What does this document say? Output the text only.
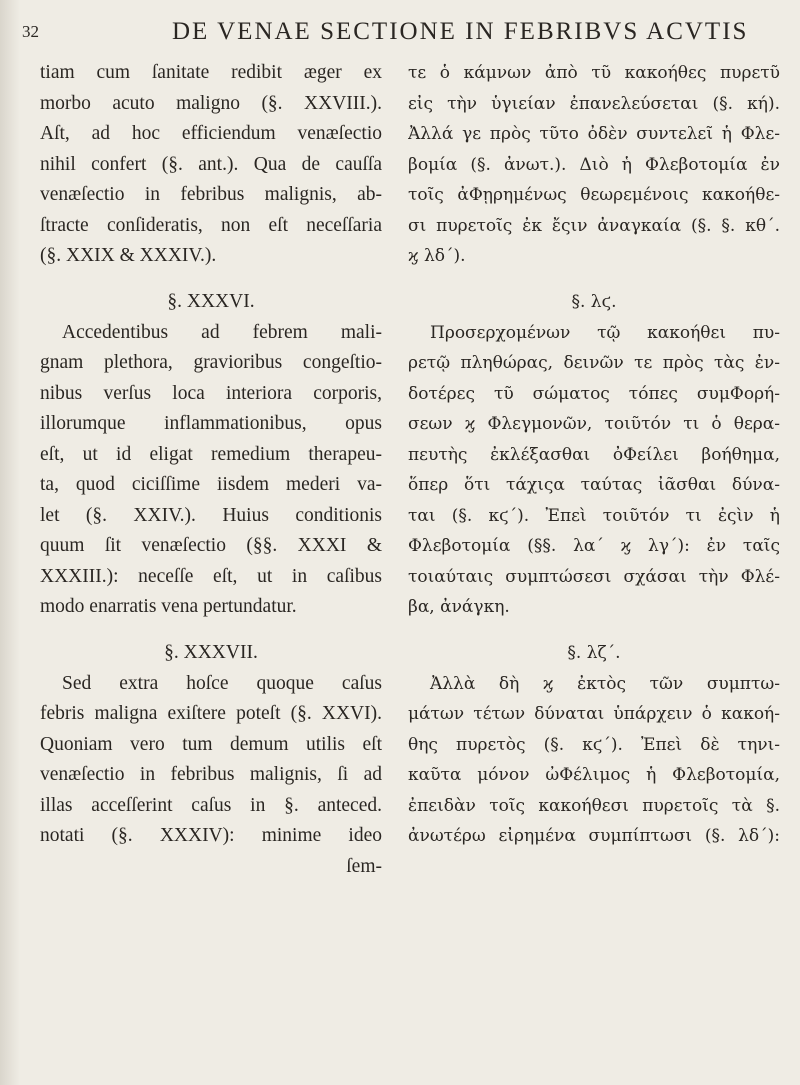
32	DE VENAE SECTIONE IN FEBRIBVS ACVTIS
tiam cum ſanitate redibit æger ex
morbo acuto maligno (§. XXVIII.).
Aſt, ad hoc efficiendum venæſectio
nihil confert (§. ant.). Qua de cauſſa
venæſectio in febribus malignis, ab-
ſtracte conſideratis, non eſt neceſſaria
(§. XXIX & XXXIV.).
§. XXXVI.
Accedentibus ad febrem mali-
gnam plethora, gravioribus congeſtio-
nibus verſus loca interiora corporis,
illorumque inflammationibus, opus
eſt, ut id eligat remedium therapeu-
ta, quod ciciſſime iisdem mederi va-
let (§. XXIV.). Huius conditionis
quum ſit venæſectio (§§. XXXI &
XXXIII.): neceſſe eſt, ut in caſibus
modo enarratis vena pertundatur.
§. XXXVII.
Sed extra hoſce quoque caſus
febris maligna exiſtere poteſt (§. XXVI).
Quoniam vero tum demum utilis eſt
venæſectio in febribus malignis, ſi ad
illas acceſſerint caſus in §. anteced.
notati (§. XXXIV): minime ideo
ſem-
τε ὁ κάμνων ἀπὸ τῦ κακοήθες πυρετῦ
εἰς τὴν ὑγιείαν ἐπανελεύσεται (§. κή).
Ἀλλά γε πρὸς τῦτο ὀδὲν συντελεῖ ἡ Φλε-
βομία (§. ἀνωτ.). Διὸ ἡ Φλεβοτομία ἐν
τοῖς ἀΦῃρημένως θεωρεμένοις κακοήθε-
σι πυρετοῖς ἐκ ἔςιν ἀναγκαία (§. §. κθ´.
ϗ λδ´).
§. λϛ.
Προσερχομένων τῷ κακοήθει πυ-
ρετῷ πληθώρας, δεινῶν τε πρὸς τὰς ἐν-
δοτέρες τῦ σώματος τόπες συμΦορή-
σεων ϗ Φλεγμονῶν, τοιῦτόν τι ὁ θερα-
πευτὴς ἐκλέξασθαι ὀΦείλει βοήθημα,
ὅπερ ὅτι τάχιςα ταύτας ἰᾶσθαι δύνα-
ται (§. κϛ´). Ἐπεὶ τοιῦτόν τι ἐςὶν ἡ
Φλεβοτομία (§§. λα´ ϗ λγ´): ἐν ταῖς
τοιαύταις συμπτώσεσι σχάσαι τὴν Φλέ-
βα, ἀνάγκη.
§. λζ´.
Ἀλλὰ δὴ ϗ ἐκτὸς τῶν συμπτω-
μάτων τέτων δύναται ὑπάρχειν ὁ κακοή-
θης πυρετὸς (§. κϛ´). Ἐπεὶ δὲ τηνι-
καῦτα μόνον ὠΦέλιμος ἡ Φλεβοτομία,
ἐπειδὰν τοῖς κακοήθεσι πυρετοῖς τὰ §.
ἀνωτέρω εἰρημένα συμπίπτωσι (§. λδ´):
